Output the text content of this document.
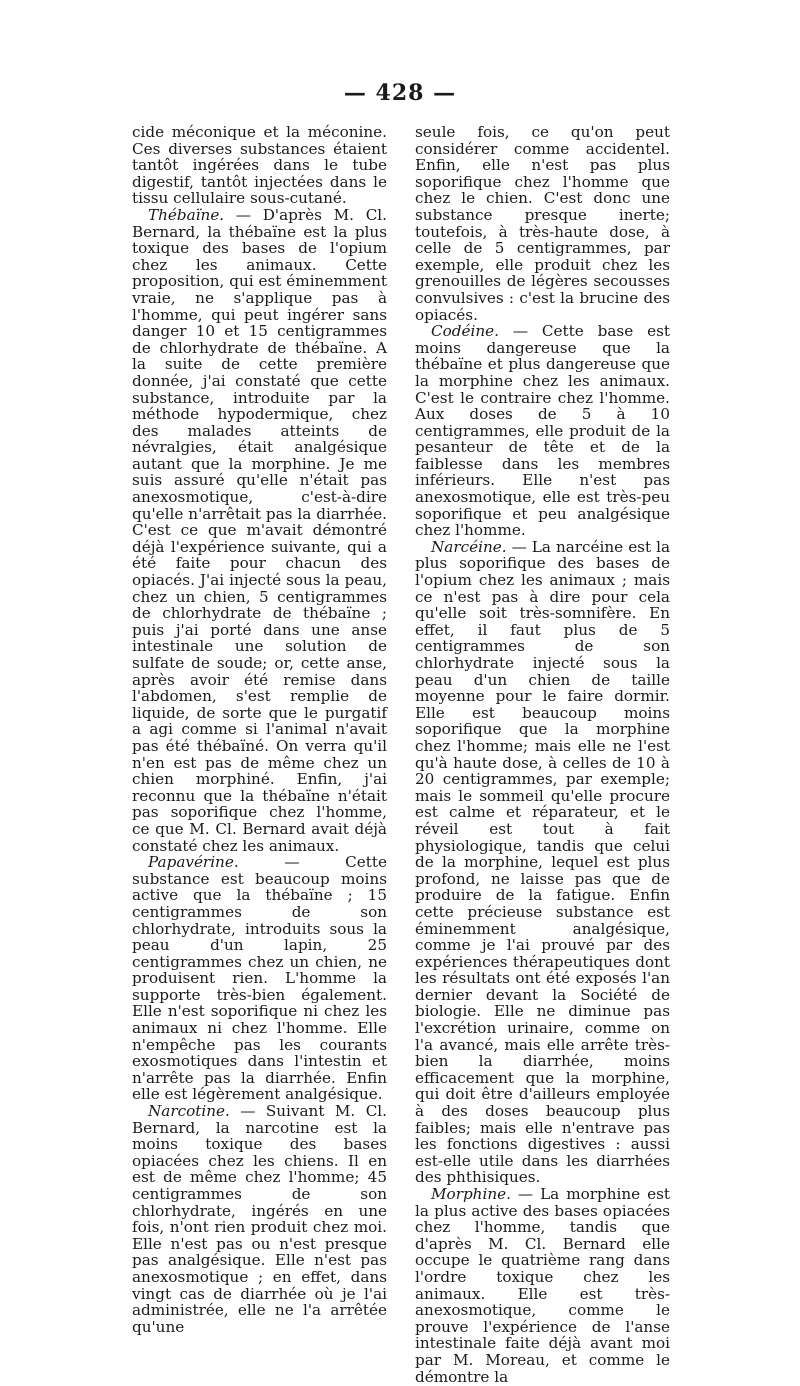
— 428 —

cide méconique et la méconine. Ces diverses substances étaient tantôt ingérées dans le tube digestif, tantôt injectées dans le tissu cellulaire sous-cutané.

Thébaïne. — D'après M. Cl. Bernard, la thébaïne est la plus toxique des bases de l'opium chez les animaux. Cette proposition, qui est éminemment vraie, ne s'applique pas à l'homme, qui peut ingérer sans danger 10 et 15 centigrammes de chlorhydrate de thébaïne. A la suite de cette première donnée, j'ai constaté que cette substance, introduite par la méthode hypodermique, chez des malades atteints de névralgies, était analgésique autant que la morphine. Je me suis assuré qu'elle n'était pas anexosmotique, c'est-à-dire qu'elle n'arrêtait pas la diarrhée. C'est ce que m'avait démontré déjà l'expérience suivante, qui a été faite pour chacun des opiacés. J'ai injecté sous la peau, chez un chien, 5 centigrammes de chlorhydrate de thébaïne ; puis j'ai porté dans une anse intestinale une solution de sulfate de soude; or, cette anse, après avoir été remise dans l'abdomen, s'est remplie de liquide, de sorte que le purgatif a agi comme si l'animal n'avait pas été thébaïné. On verra qu'il n'en est pas de même chez un chien morphiné. Enfin, j'ai reconnu que la thébaïne n'était pas soporifique chez l'homme, ce que M. Cl. Bernard avait déjà constaté chez les animaux.

Papavérine.	— Cette substance est beaucoup moins active que la thébaïne ; 15 centigrammes de son chlorhydrate, introduits sous la peau d'un lapin, 25 centigrammes chez un chien, ne produisent rien. L'homme la supporte très-bien également. Elle n'est soporifique ni chez les animaux ni chez l'homme. Elle n'empêche pas les courants exosmotiques dans l'intestin et n'arrête pas la diarrhée. Enfin elle est légèrement analgésique.

Narcotine. — Suivant M. Cl. Bernard, la narcotine est la moins toxique des bases opiacées chez les chiens. Il en est de même chez l'homme; 45 centigrammes de son chlorhydrate, ingérés en une fois, n'ont rien produit chez moi. Elle n'est pas ou n'est presque pas analgésique. Elle n'est pas anexosmotique ; en effet, dans vingt cas de diarrhée où je l'ai administrée, elle ne l'a arrêtée qu'une

seule fois, ce qu'on peut considérer comme accidentel. Enfin, elle n'est pas plus soporifique chez l'homme que chez le chien. C'est donc une substance presque inerte; toutefois, à très-haute dose, à celle de 5 centigrammes, par exemple, elle produit chez les grenouilles de légères secousses convulsives : c'est la brucine des opiacés.

Codéine. — Cette base est moins dangereuse que la thébaïne et plus dangereuse que la morphine chez les animaux. C'est le contraire chez l'homme. Aux doses de 5 à 10 centigrammes, elle produit de la pesanteur de tête et de la faiblesse dans les membres inférieurs. Elle n'est pas anexosmotique, elle est très-peu soporifique et peu analgésique chez l'homme.

Narcéine. — La narcéine est la plus soporifique des bases de l'opium chez les animaux ; mais ce n'est pas à dire pour cela qu'elle soit très-somnifère. En effet, il faut plus de 5 centigrammes de son chlorhydrate injecté sous la peau d'un chien de taille moyenne pour le faire dormir. Elle est beaucoup moins soporifique que la morphine chez l'homme; mais elle ne l'est qu'à haute dose, à celles de 10 à 20 centigrammes, par exemple; mais le sommeil qu'elle procure est calme et réparateur, et le réveil est tout à fait physiologique, tandis que celui de la morphine, lequel est plus profond, ne laisse pas que de produire de la fatigue. Enfin cette précieuse substance est éminemment analgésique, comme je l'ai prouvé par des expériences thérapeutiques dont les résultats ont été exposés l'an dernier devant la Société de biologie. Elle ne diminue pas l'excrétion urinaire, comme on l'a avancé, mais elle arrête très-bien la diarrhée, moins efficacement que la morphine, qui doit être d'ailleurs employée à des doses beaucoup plus faibles; mais elle n'entrave pas les fonctions digestives : aussi est-elle utile dans les diarrhées des phthisiques.

Morphine. — La morphine est la plus active des bases opiacées chez l'homme, tandis que d'après M. Cl. Bernard elle occupe le quatrième rang dans l'ordre toxique chez les animaux. Elle est très-anexosmotique, comme le prouve l'expérience de l'anse intestinale faite déjà avant moi par M. Moreau, et comme le démontre la
